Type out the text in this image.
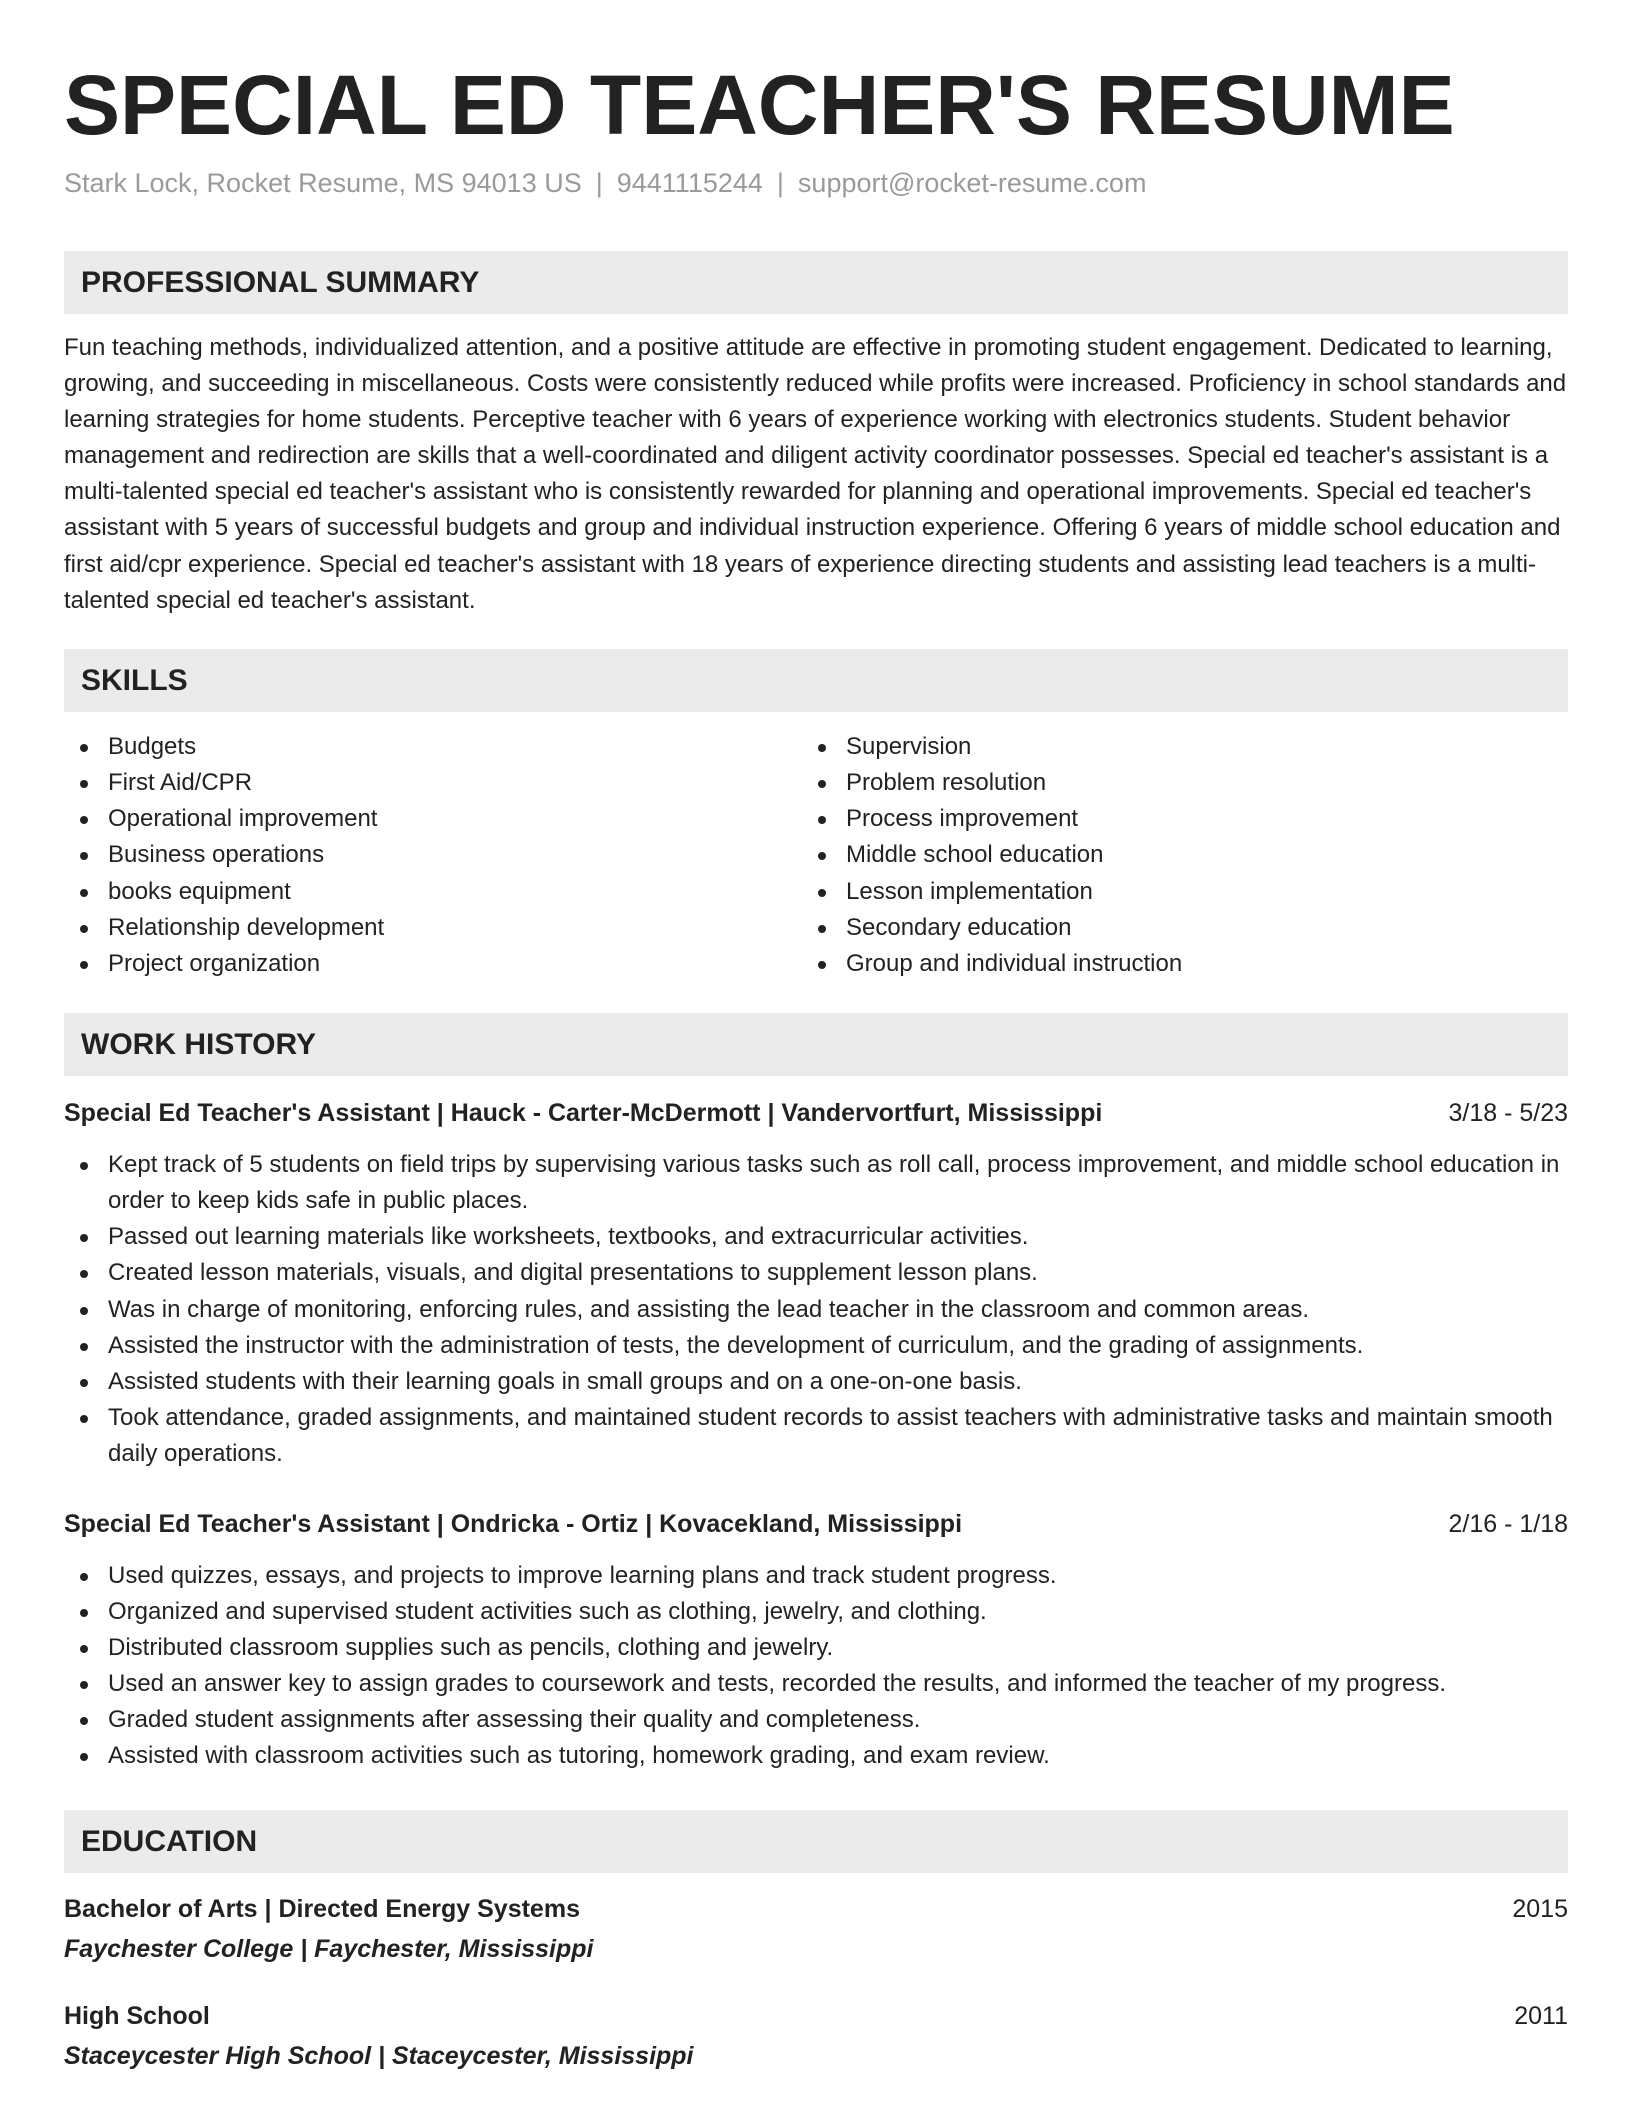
SPECIAL ED TEACHER'S RESUME
Stark Lock, Rocket Resume, MS 94013 US | 9441115244 | support@rocket-resume.com
PROFESSIONAL SUMMARY

Fun teaching methods, individualized attention, and a positive attitude are effective in promoting student engagement. Dedicated to learning, growing, and succeeding in miscellaneous. Costs were consistently reduced while profits were increased. Proficiency in school standards and learning strategies for home students. Perceptive teacher with 6 years of experience working with electronics students. Student behavior management and redirection are skills that a well-coordinated and diligent activity coordinator possesses. Special ed teacher's assistant is a multi-talented special ed teacher's assistant who is consistently rewarded for planning and operational improvements. Special ed teacher's assistant with 5 years of successful budgets and group and individual instruction experience. Offering 6 years of middle school education and first aid/cpr experience. Special ed teacher's assistant with 18 years of experience directing students and assisting lead teachers is a multi-talented special ed teacher's assistant.

SKILLS
Budgets
First Aid/CPR
Operational improvement
Business operations
books equipment
Relationship development
Project organization
Supervision
Problem resolution
Process improvement
Middle school education
Lesson implementation
Secondary education
Group and individual instruction
WORK HISTORY
Special Ed Teacher's Assistant | Hauck - Carter-McDermott | Vandervortfurt, Mississippi	3/18 - 5/23
Kept track of 5 students on field trips by supervising various tasks such as roll call, process improvement, and middle school education in order to keep kids safe in public places.
Passed out learning materials like worksheets, textbooks, and extracurricular activities.
Created lesson materials, visuals, and digital presentations to supplement lesson plans.
Was in charge of monitoring, enforcing rules, and assisting the lead teacher in the classroom and common areas.
Assisted the instructor with the administration of tests, the development of curriculum, and the grading of assignments.
Assisted students with their learning goals in small groups and on a one-on-one basis.
Took attendance, graded assignments, and maintained student records to assist teachers with administrative tasks and maintain smooth daily operations.
Special Ed Teacher's Assistant | Ondricka - Ortiz | Kovacekland, Mississippi	2/16 - 1/18
Used quizzes, essays, and projects to improve learning plans and track student progress.
Organized and supervised student activities such as clothing, jewelry, and clothing.
Distributed classroom supplies such as pencils, clothing and jewelry.
Used an answer key to assign grades to coursework and tests, recorded the results, and informed the teacher of my progress.
Graded student assignments after assessing their quality and completeness.
Assisted with classroom activities such as tutoring, homework grading, and exam review.
EDUCATION
Bachelor of Arts | Directed Energy Systems	2015
Faychester College | Faychester, Mississippi
High School	2011
Staceycester High School | Staceycester, Mississippi
